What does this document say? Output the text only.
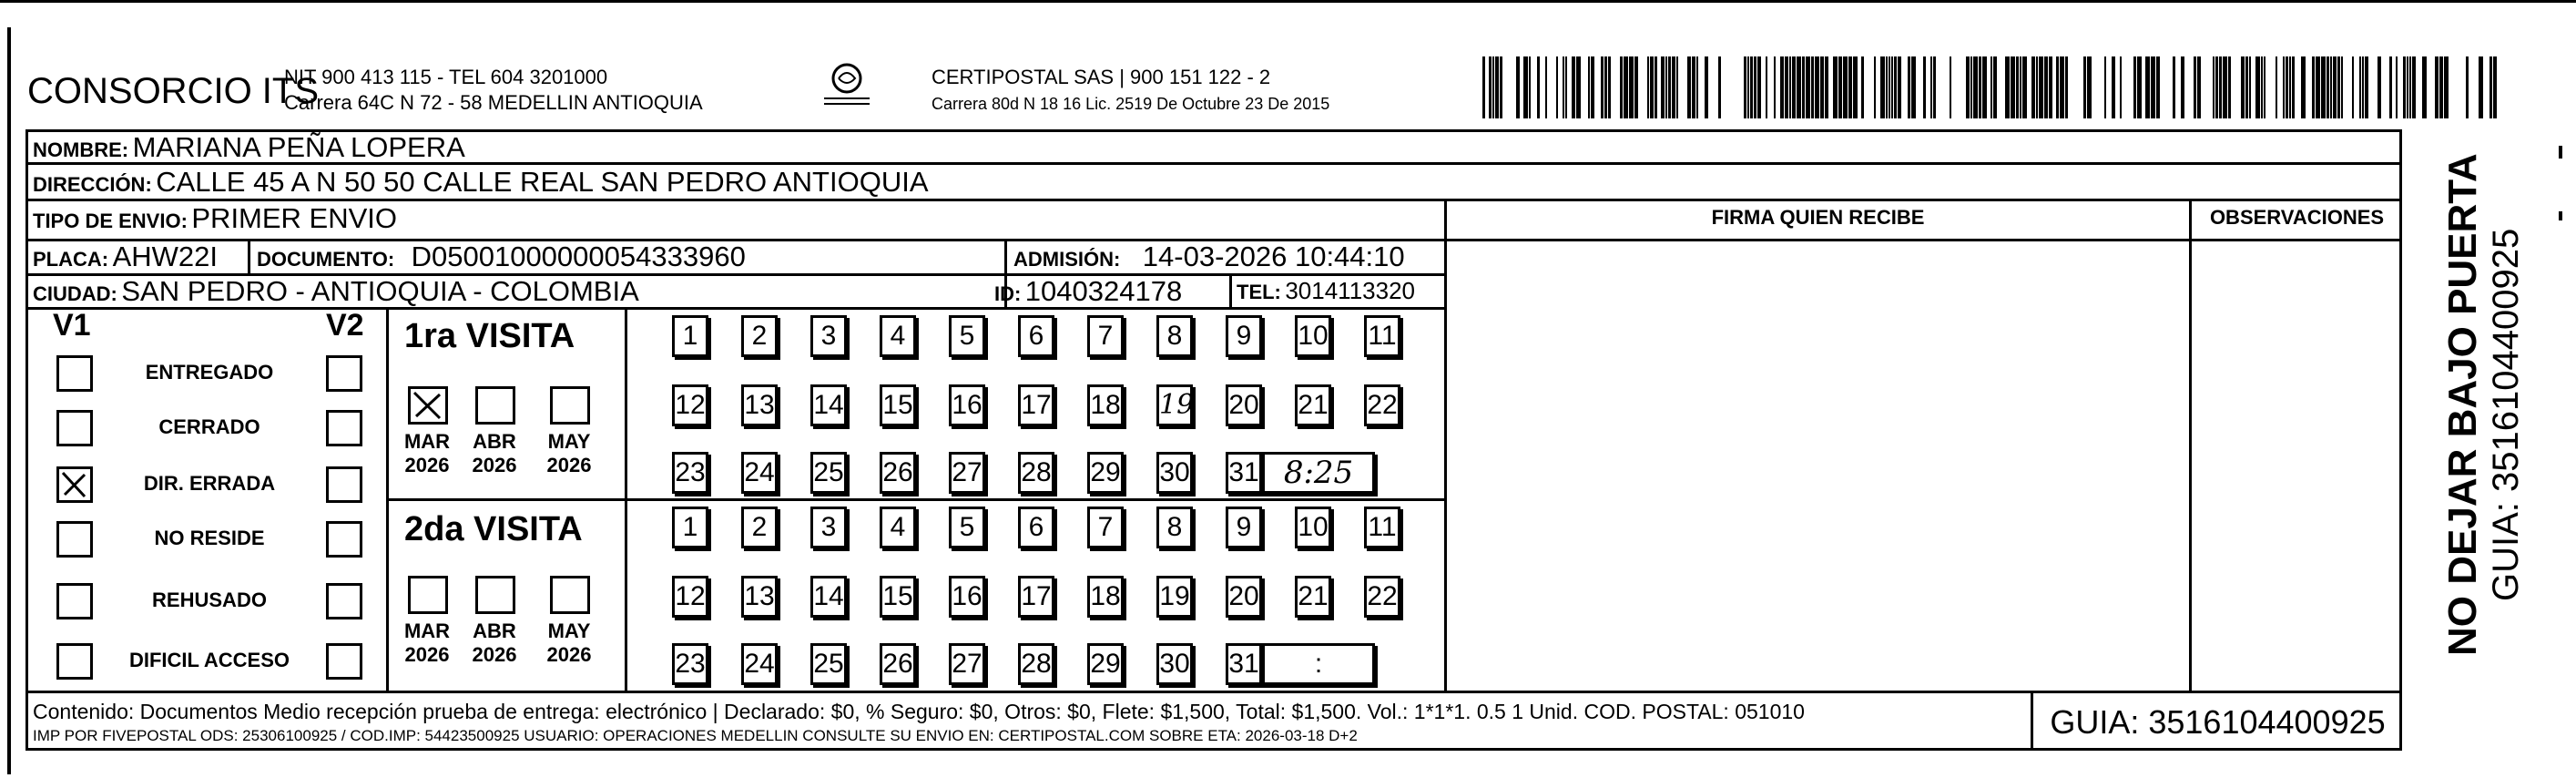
CONSORCIO ITS
NIT 900 413 115 - TEL 604 3201000
Carrera 64C N 72 - 58 MEDELLIN ANTIOQUIA
CERTIPOSTAL SAS | 900 151 122 - 2
Carrera 80d N 18 16 Lic. 2519 De Octubre 23 De 2015
NOMBRE: MARIANA PEÑA LOPERA
DIRECCIÓN: CALLE 45 A N 50 50 CALLE REAL SAN PEDRO ANTIOQUIA
TIPO DE ENVIO: PRIMER ENVIO	FIRMA QUIEN RECIBE	OBSERVACIONES
PLACA: AHW22I DOCUMENTO: D05001000000054333960	ADMISIÓN: 14-03-2026 10:44:10
CIUDAD: SAN PEDRO - ANTIOQUIA - COLOMBIA	ID: 1040324178	TEL: 3014113320
V1	V2
ENTREGADO
CERRADO
DIR. ERRADA
NO RESIDE
REHUSADO
DIFICIL ACCESO
1ra VISITA
2da VISITA
MAR
2026
ABR
2026
MAY
2026
MAR
2026
ABR
2026
MAY
2026
1	2	3	4	5	6	7	8	9	10 11
12 13 14 15 16 17 18 19 20 21 22
23 24 25 26 27 28 29 30 31 8:25
1	2	3	4	5	6	7	8	9	10 11
12 13 14 15 16 17 18 19 20 21 22
23 24 25 26 27 28 29 30 31	:
Contenido: Documentos Medio recepción prueba de entrega: electrónico | Declarado: $0, % Seguro: $0, Otros: $0, Flete: $1,500, Total: $1,500. Vol.: 1*1*1. 0.5 1 Unid. COD. POSTAL: 051010
IMP POR FIVEPOSTAL ODS: 25306100925 / COD.IMP: 54423500925 USUARIO: OPERACIONES MEDELLIN CONSULTE SU ENVIO EN: CERTIPOSTAL.COM SOBRE ETA: 2026-03-18 D+2	GUIA: 3516104400925
NO DEJAR BAJO PUERTA GUIA: 3516104400925
